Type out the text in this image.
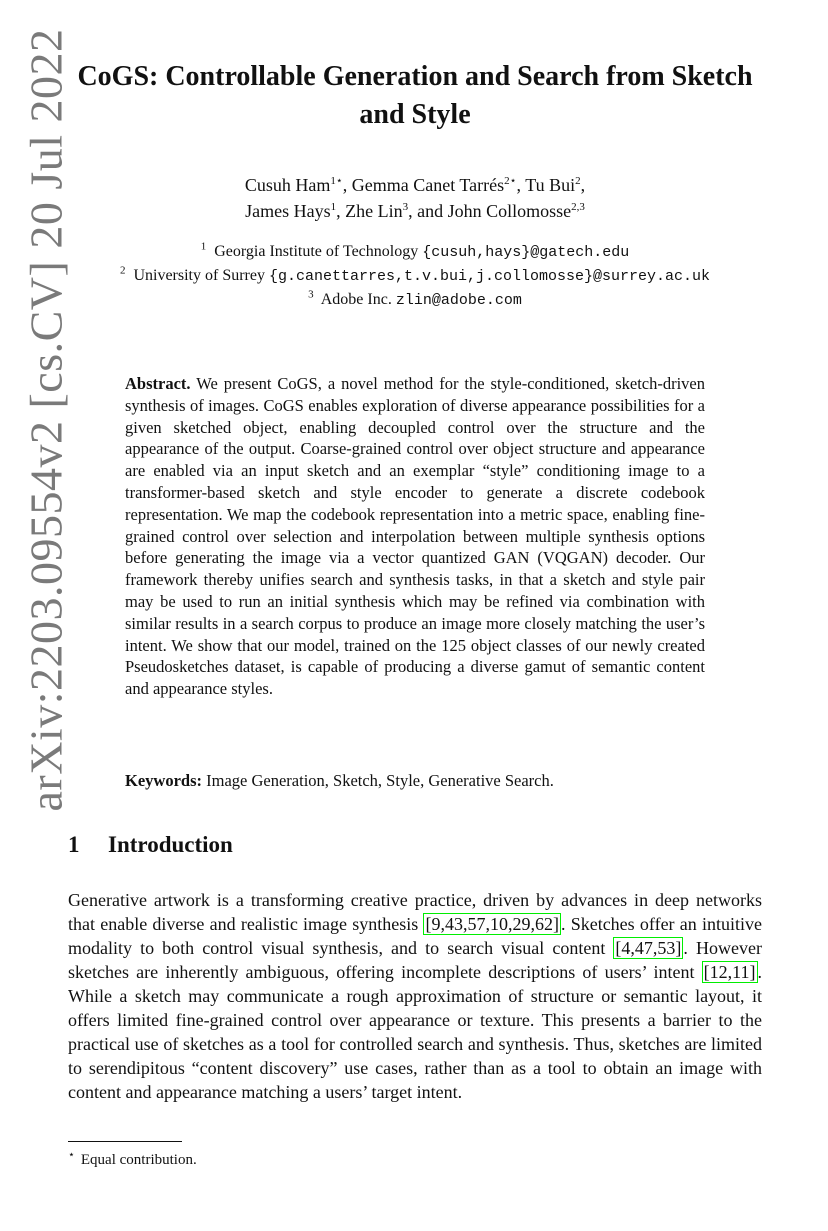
arXiv:2203.09554v2 [cs.CV] 20 Jul 2022 CoGS: Controllable Generation and Search from Sketch and Style
Cusuh Ham$^{1⋆}$, Gemma Canet Tarrés$^{2⋆}$, Tu Bui$^2$,
James Hays$^1$, Zhe Lin$^3$, and John Collomosse$^{2,3}$
$^1$ Georgia Institute of Technology {cusuh,hays}@gatech.edu
$^2$ University of Surrey {g.canettarres,t.v.bui,j.collomosse}@surrey.ac.uk
$^3$ Adobe Inc. zlin@adobe.com
Abstract. We present CoGS, a novel method for the style-conditioned, sketch-driven synthesis of images. CoGS enables exploration of diverse appearance possibilities for a given sketched object, enabling decoupled control over the structure and the appearance of the output. Coarse-grained control over object structure and appearance are enabled via an input sketch and an exemplar “style” conditioning image to a transformer-based sketch and style encoder to generate a discrete codebook representation. We map the codebook representation into a metric space, enabling fine-grained control over selection and interpolation between multiple synthesis options before generating the image via a vector quantized GAN (VQGAN) decoder. Our framework thereby unifies search and synthesis tasks, in that a sketch and style pair may be used to run an initial synthesis which may be refined via combination with similar results in a search corpus to produce an image more closely matching the user’s intent. We show that our model, trained on the 125 object classes of our newly created Pseudosketches dataset, is capable of producing a diverse gamut of semantic content and appearance styles.
Keywords: Image Generation, Sketch, Style, Generative Search.
1 Introduction
Generative artwork is a transforming creative practice, driven by advances in deep networks that enable diverse and realistic image synthesis [9,43,57,10,29,62] . Sketches offer an intuitive modality to both control visual synthesis, and to search visual content [4,47,53] . However sketches are inherently ambiguous, offering incomplete descriptions of users’ intent [12,11] . While a sketch may communicate a rough approximation of structure or semantic layout, it offers limited fine-grained control over appearance or texture. This presents a barrier to the practical use of sketches as a tool for controlled search and synthesis. Thus, sketches are limited to serendipitous “content discovery” use cases, rather than as a tool to obtain an image with content and appearance matching a users’ target intent.
⋆ Equal contribution.
